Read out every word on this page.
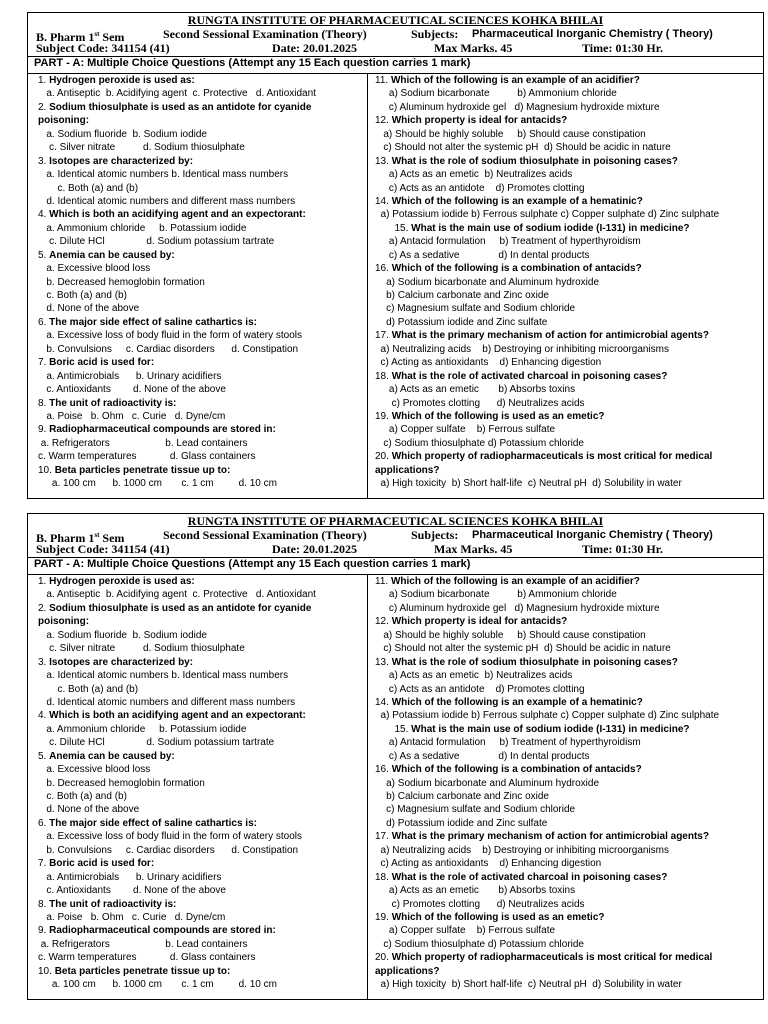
RUNGTA INSTITUTE OF PHARMACEUTICAL SCIENCES KOHKA BHILAI
B. Pharm 1st Sem	Second Sessional Examination (Theory)	Subjects: Pharmaceutical Inorganic Chemistry ( Theory)
Subject Code: 341154 (41)	Date: 20.01.2025	Max Marks. 45	Time: 01:30 Hr.
PART - A: Multiple Choice Questions (Attempt any 15 Each question carries 1 mark)
1. Hydrogen peroxide is used as:
a. Antiseptic  b. Acidifying agent  c. Protective   d. Antioxidant
2. Sodium thiosulphate is used as an antidote for cyanide
poisoning:
a. Sodium fluoride  b. Sodium iodide
c. Silver nitrate          d. Sodium thiosulphate
3. Isotopes are characterized by:
a. Identical atomic numbers b. Identical mass numbers
c. Both (a) and (b)
d. Identical atomic numbers and different mass numbers
4. Which is both an acidifying agent and an expectorant:
a. Ammonium chloride     b. Potassium iodide
c. Dilute HCl               d. Sodium potassium tartrate
5. Anemia can be caused by:
a. Excessive blood loss
b. Decreased hemoglobin formation
c. Both (a) and (b)
d. None of the above
6. The major side effect of saline cathartics is:
a. Excessive loss of body fluid in the form of watery stools
b. Convulsions     c. Cardiac disorders      d. Constipation
7. Boric acid is used for:
a. Antimicrobials      b. Urinary acidifiers
c. Antioxidants        d. None of the above
8. The unit of radioactivity is:
a. Poise   b. Ohm   c. Curie   d. Dyne/cm
9. Radiopharmaceutical compounds are stored in:
a. Refrigerators                    b. Lead containers
c. Warm temperatures            d. Glass containers
10. Beta particles penetrate tissue up to:
a. 100 cm      b. 1000 cm       c. 1 cm         d. 10 cm
11. Which of the following is an example of an acidifier?
a) Sodium bicarbonate          b) Ammonium chloride
c) Aluminum hydroxide gel   d) Magnesium hydroxide mixture
12. Which property is ideal for antacids?
a) Should be highly soluble     b) Should cause constipation
c) Should not alter the systemic pH  d) Should be acidic in nature
13. What is the role of sodium thiosulphate in poisoning cases?
a) Acts as an emetic  b) Neutralizes acids
c) Acts as an antidote    d) Promotes clotting
14. Which of the following is an example of a hematinic?
a) Potassium iodide b) Ferrous sulphate c) Copper sulphate d) Zinc sulphate
15. What is the main use of sodium iodide (I-131) in medicine?
a) Antacid formulation     b) Treatment of hyperthyroidism
c) As a sedative              d) In dental products
16. Which of the following is a combination of antacids?
a) Sodium bicarbonate and Aluminum hydroxide
b) Calcium carbonate and Zinc oxide
c) Magnesium sulfate and Sodium chloride
d) Potassium iodide and Zinc sulfate
17. What is the primary mechanism of action for antimicrobial agents?
a) Neutralizing acids    b) Destroying or inhibiting microorganisms
c) Acting as antioxidants    d) Enhancing digestion
18. What is the role of activated charcoal in poisoning cases?
a) Acts as an emetic       b) Absorbs toxins
c) Promotes clotting      d) Neutralizes acids
19. Which of the following is used as an emetic?
a) Copper sulfate    b) Ferrous sulfate
c) Sodium thiosulphate d) Potassium chloride
20. Which property of radiopharmaceuticals is most critical for medical
applications?
a) High toxicity  b) Short half-life  c) Neutral pH  d) Solubility in water
RUNGTA INSTITUTE OF PHARMACEUTICAL SCIENCES KOHKA BHILAI
B. Pharm 1st Sem	Second Sessional Examination (Theory)	Subjects: Pharmaceutical Inorganic Chemistry ( Theory)
Subject Code: 341154 (41)	Date: 20.01.2025	Max Marks. 45	Time: 01:30 Hr.
PART - A: Multiple Choice Questions (Attempt any 15 Each question carries 1 mark)
1. Hydrogen peroxide is used as:
a. Antiseptic  b. Acidifying agent  c. Protective   d. Antioxidant
2. Sodium thiosulphate is used as an antidote for cyanide
poisoning:
a. Sodium fluoride  b. Sodium iodide
c. Silver nitrate          d. Sodium thiosulphate
3. Isotopes are characterized by:
a. Identical atomic numbers b. Identical mass numbers
c. Both (a) and (b)
d. Identical atomic numbers and different mass numbers
4. Which is both an acidifying agent and an expectorant:
a. Ammonium chloride     b. Potassium iodide
c. Dilute HCl               d. Sodium potassium tartrate
5. Anemia can be caused by:
a. Excessive blood loss
b. Decreased hemoglobin formation
c. Both (a) and (b)
d. None of the above
6. The major side effect of saline cathartics is:
a. Excessive loss of body fluid in the form of watery stools
b. Convulsions     c. Cardiac disorders      d. Constipation
7. Boric acid is used for:
a. Antimicrobials      b. Urinary acidifiers
c. Antioxidants        d. None of the above
8. The unit of radioactivity is:
a. Poise   b. Ohm   c. Curie   d. Dyne/cm
9. Radiopharmaceutical compounds are stored in:
a. Refrigerators                    b. Lead containers
c. Warm temperatures            d. Glass containers
10. Beta particles penetrate tissue up to:
a. 100 cm      b. 1000 cm       c. 1 cm         d. 10 cm
11. Which of the following is an example of an acidifier?
a) Sodium bicarbonate          b) Ammonium chloride
c) Aluminum hydroxide gel   d) Magnesium hydroxide mixture
12. Which property is ideal for antacids?
a) Should be highly soluble     b) Should cause constipation
c) Should not alter the systemic pH  d) Should be acidic in nature
13. What is the role of sodium thiosulphate in poisoning cases?
a) Acts as an emetic  b) Neutralizes acids
c) Acts as an antidote    d) Promotes clotting
14. Which of the following is an example of a hematinic?
a) Potassium iodide b) Ferrous sulphate c) Copper sulphate d) Zinc sulphate
15. What is the main use of sodium iodide (I-131) in medicine?
a) Antacid formulation     b) Treatment of hyperthyroidism
c) As a sedative              d) In dental products
16. Which of the following is a combination of antacids?
a) Sodium bicarbonate and Aluminum hydroxide
b) Calcium carbonate and Zinc oxide
c) Magnesium sulfate and Sodium chloride
d) Potassium iodide and Zinc sulfate
17. What is the primary mechanism of action for antimicrobial agents?
a) Neutralizing acids    b) Destroying or inhibiting microorganisms
c) Acting as antioxidants    d) Enhancing digestion
18. What is the role of activated charcoal in poisoning cases?
a) Acts as an emetic       b) Absorbs toxins
c) Promotes clotting      d) Neutralizes acids
19. Which of the following is used as an emetic?
a) Copper sulfate    b) Ferrous sulfate
c) Sodium thiosulphate d) Potassium chloride
20. Which property of radiopharmaceuticals is most critical for medical
applications?
a) High toxicity  b) Short half-life  c) Neutral pH  d) Solubility in water
